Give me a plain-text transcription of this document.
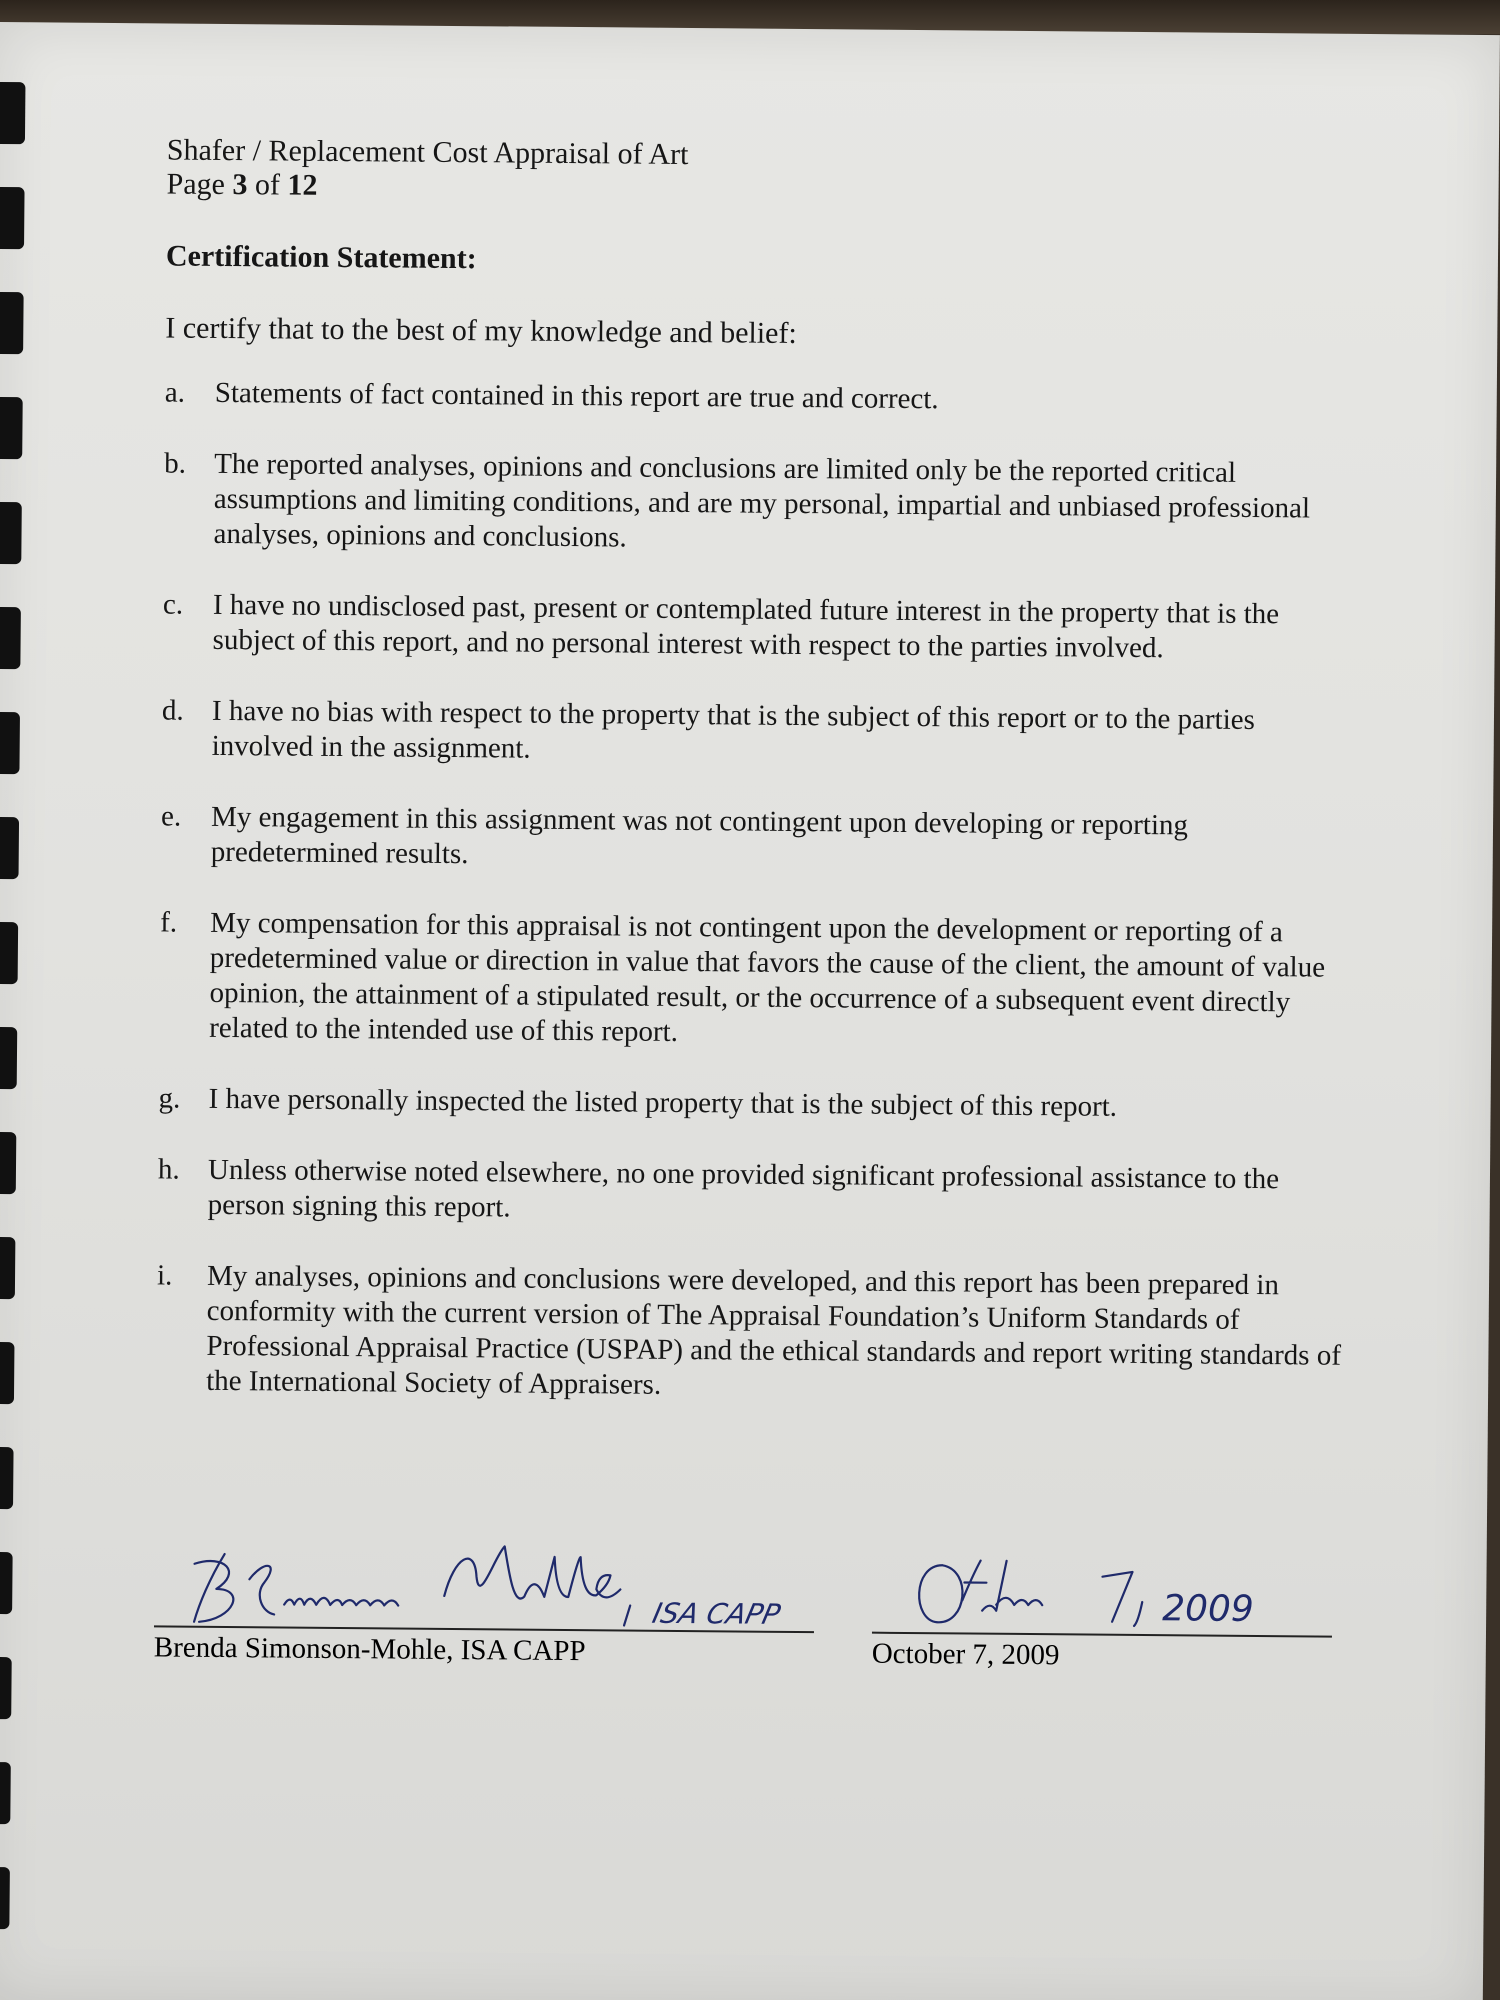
Shafer / Replacement Cost Appraisal of Art
Page 3 of 12
Certification Statement:
I certify that to the best of my knowledge and belief:
a.	Statements of fact contained in this report are true and correct.
b. The reported analyses, opinions and conclusions are limited only be the reported critical assumptions and limiting conditions, and are my personal, impartial and unbiased professional analyses, opinions and conclusions.
c.	I have no undisclosed past, present or contemplated future interest in the property that is the subject of this report, and no personal interest with respect to the parties involved.
d. I have no bias with respect to the property that is the subject of this report or to the parties involved in the assignment.
e.	My engagement in this assignment was not contingent upon developing or reporting predetermined results.
f.	My compensation for this appraisal is not contingent upon the development or reporting of a predetermined value or direction in value that favors the cause of the client, the amount of value opinion, the attainment of a stipulated result, or the occurrence of a subsequent event directly related to the intended use of this report.
g. I have personally inspected the listed property that is the subject of this report.
h. Unless otherwise noted elsewhere, no one provided significant professional assistance to the person signing this report.
i.	My analyses, opinions and conclusions were developed, and this report has been prepared in conformity with the current version of The Appraisal Foundation’s Uniform Standards of Professional Appraisal Practice (USPAP) and the ethical standards and report writing standards of the International Society of Appraisers.
ISA CAPP
Brenda Simonson-Mohle, ISA CAPP
2009
October 7, 2009
